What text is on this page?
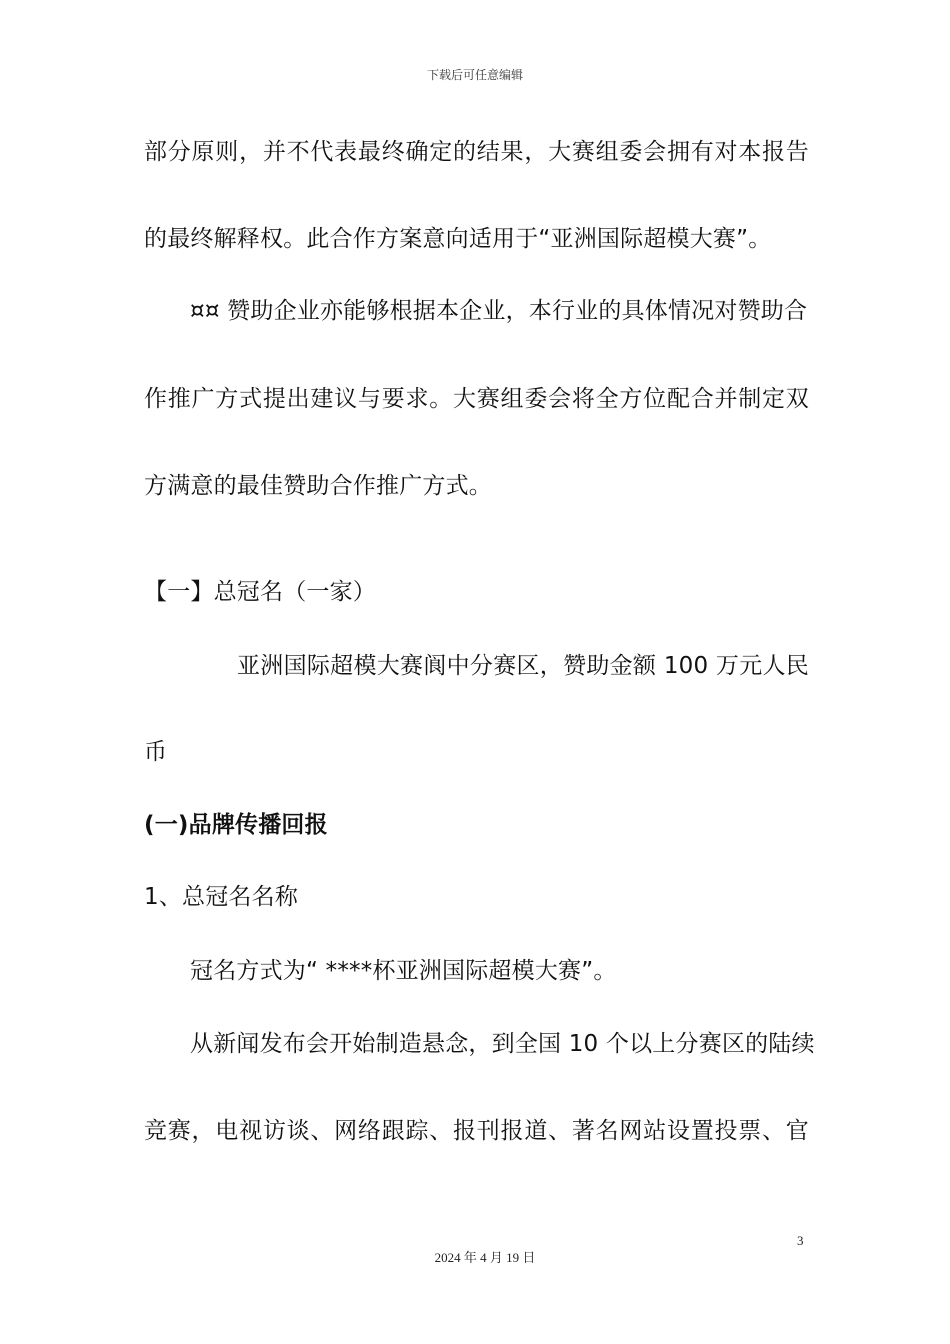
下载后可任意编辑
部分原则，并不代表最终确定的结果，大赛组委会拥有对本报告
的最终解释权。此合作方案意向适用于“亚洲国际超模大赛”。
¤¤ 赞助企业亦能够根据本企业，本行业的具体情况对赞助合
作推广方式提出建议与要求。大赛组委会将全方位配合并制定双
方满意的最佳赞助合作推广方式。
【一】总冠名（一家）
亚洲国际超模大赛阆中分赛区，赞助金额 100 万元人民
币
(一)品牌传播回报
1、总冠名名称
冠名方式为“ ****杯亚洲国际超模大赛”。
从新闻发布会开始制造悬念，到全国 10 个以上分赛区的陆续
竞赛，电视访谈、网络跟踪、报刊报道、著名网站设置投票、官
3
2024 年 4 月 19 日
